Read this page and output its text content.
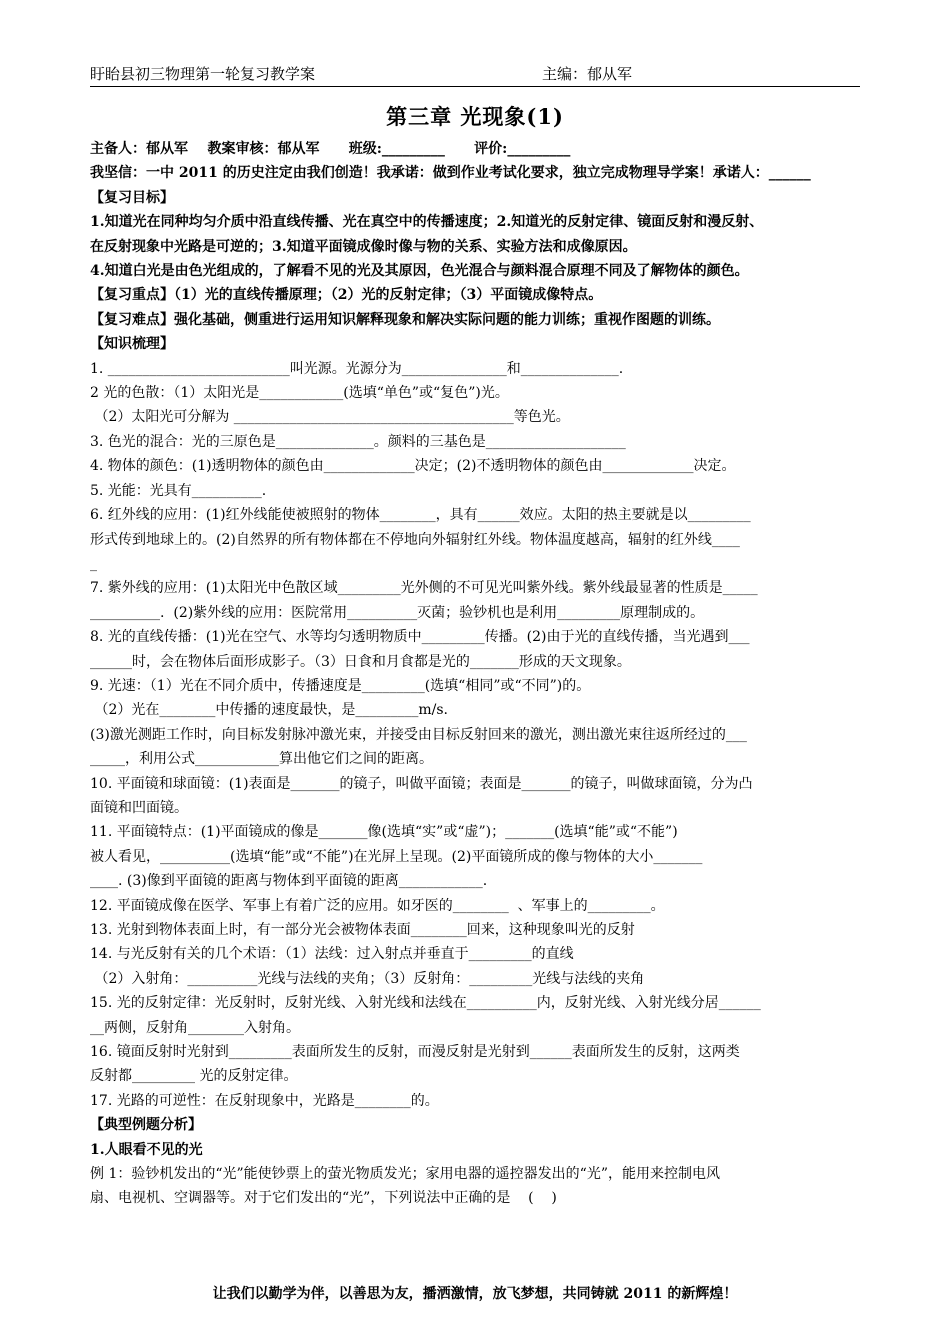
盱眙县初三物理第一轮复习教学案	主编：郁从军
第三章 光现象(1)
主备人：郁从军    教案审核：郁从军      班级:_________      评价:_________
我坚信：一中 2011 的历史注定由我们创造！我承诺：做到作业考试化要求，独立完成物理导学案！承诺人：______
【复习目标】
1.知道光在同种均匀介质中沿直线传播、光在真空中的传播速度；2.知道光的反射定律、镜面反射和漫反射、
在反射现象中光路是可逆的；3.知道平面镜成像时像与物的关系、实验方法和成像原因。
4.知道白光是由色光组成的，了解看不见的光及其原因，色光混合与颜料混合原理不同及了解物体的颜色。
【复习重点】（1）光的直线传播原理；（2）光的反射定律；（3）平面镜成像特点。
【复习难点】强化基础，侧重进行运用知识解释现象和解决实际问题的能力训练；重视作图题的训练。
【知识梳理】
1. __________________________叫光源。光源分为_______________和______________.
2 光的色散：（1）太阳光是____________(选填“单色”或“复色”)光。
（2）太阳光可分解为 ________________________________________等色光。
3. 色光的混合：光的三原色是______________。颜料的三基色是____________________
4. 物体的颜色：(1)透明物体的颜色由_____________决定；(2)不透明物体的颜色由_____________决定。
5. 光能：光具有__________.
6. 红外线的应用：(1)红外线能使被照射的物体________，具有______效应。太阳的热主要就是以_________
形式传到地球上的。(2)自然界的所有物体都在不停地向外辐射红外线。物体温度越高，辐射的红外线____
_
7. 紫外线的应用：(1)太阳光中色散区域_________光外侧的不可见光叫紫外线。紫外线最显著的性质是_____
__________.  (2)紫外线的应用：医院常用__________灭菌；验钞机也是利用_________原理制成的。
8. 光的直线传播：(1)光在空气、水等均匀透明物质中_________传播。(2)由于光的直线传播，当光遇到___
______时，会在物体后面形成影子。（3）日食和月食都是光的_______形成的天文现象。
9. 光速：（1）光在不同介质中，传播速度是_________(选填“相同”或“不同”)的。
（2）光在________中传播的速度最快，是_________m/s.
(3)激光测距工作时，向目标发射脉冲激光束，并接受由目标反射回来的激光，测出激光束往返所经过的___
_____，利用公式____________算出他它们之间的距离。
10. 平面镜和球面镜：(1)表面是_______的镜子，叫做平面镜；表面是_______的镜子，叫做球面镜，分为凸
面镜和凹面镜。
11. 平面镜特点：(1)平面镜成的像是_______像(选填“实”或“虚”)；_______(选填“能”或“不能”)
被人看见，__________(选填“能”或“不能”)在光屏上呈现。(2)平面镜所成的像与物体的大小_______
____. (3)像到平面镜的距离与物体到平面镜的距离____________.
12. 平面镜成像在医学、军事上有着广泛的应用。如牙医的________  、军事上的_________。
13. 光射到物体表面上时，有一部分光会被物体表面________回来，这种现象叫光的反射
14. 与光反射有关的几个术语：（1）法线：过入射点并垂直于_________的直线
（2）入射角：__________光线与法线的夹角；（3）反射角：_________光线与法线的夹角
15. 光的反射定律：光反射时，反射光线、入射光线和法线在__________内，反射光线、入射光线分居______
__两侧，反射角________入射角。
16. 镜面反射时光射到_________表面所发生的反射，而漫反射是光射到______表面所发生的反射，这两类
反射都_________ 光的反射定律。
17. 光路的可逆性：在反射现象中，光路是________的。
【典型例题分析】
1.人眼看不见的光
例 1：验钞机发出的“光”能使钞票上的萤光物质发光；家用电器的遥控器发出的“光”，能用来控制电风
扇、电视机、空调器等。对于它们发出的“光”，下列说法中正确的是    (    )
让我们以勤学为伴，以善思为友，播洒激情，放飞梦想，共同铸就 2011 的新辉煌！
